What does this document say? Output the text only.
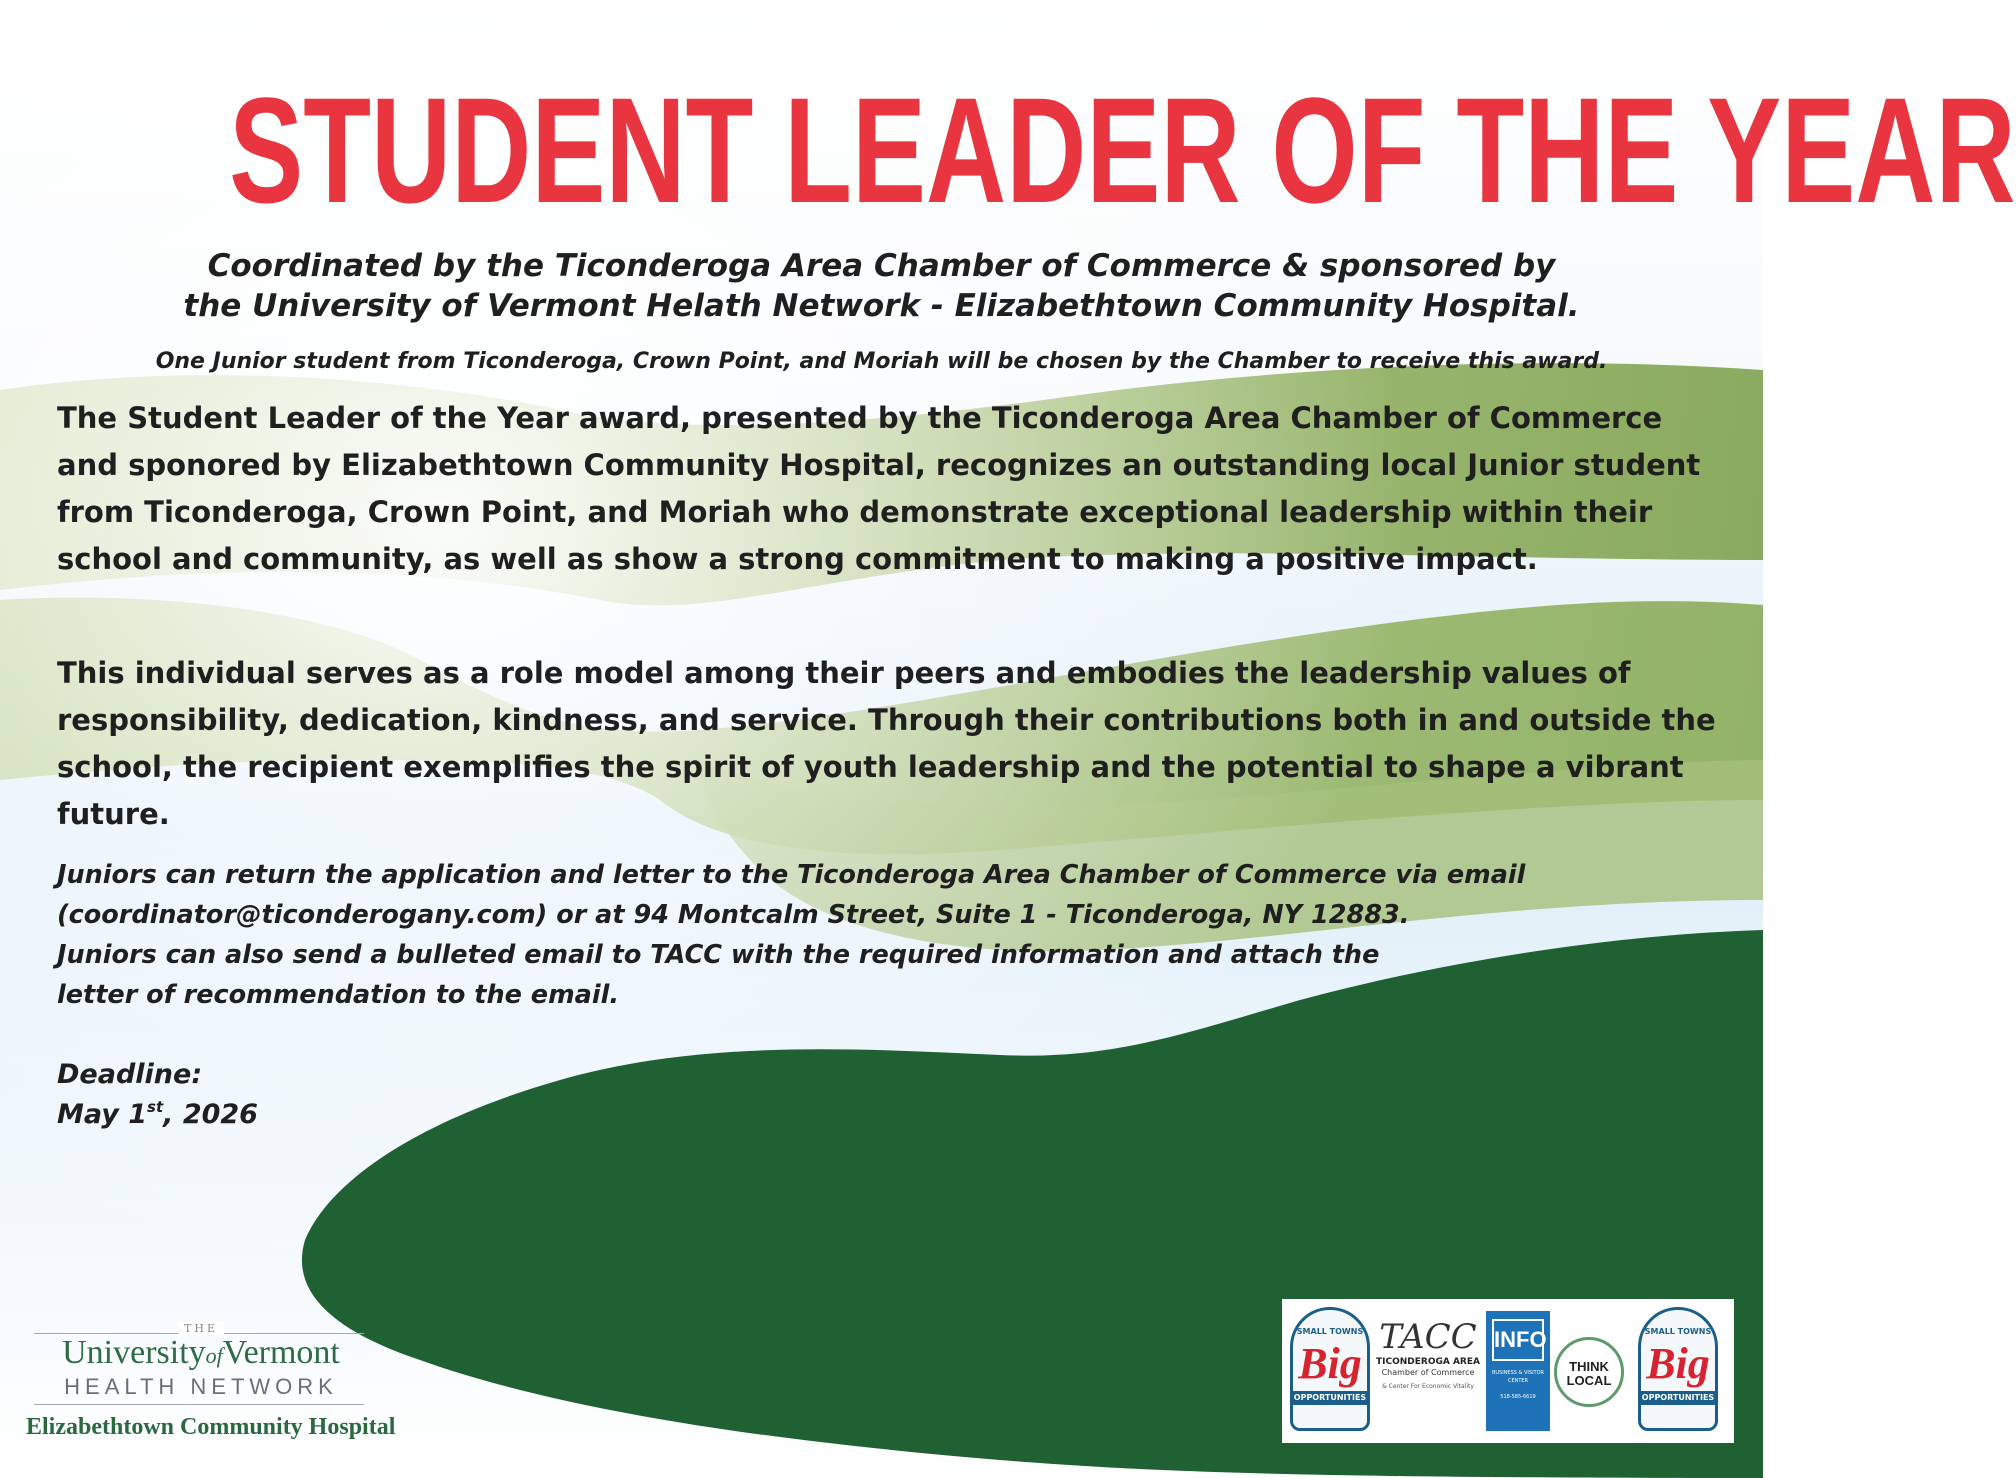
STUDENT LEADER OF THE YEAR
Coordinated by the Ticonderoga Area Chamber of Commerce & sponsored by
the University of Vermont Helath Network - Elizabethtown Community Hospital.
One Junior student from Ticonderoga, Crown Point, and Moriah will be chosen by the Chamber to receive this award.
The Student Leader of the Year award, presented by the Ticonderoga Area Chamber of Commerce and sponored by Elizabethtown Community Hospital, recognizes an outstanding local Junior student from Ticonderoga, Crown Point, and Moriah who demonstrate exceptional leadership within their school and community, as well as show a strong commitment to making a positive impact.
This individual serves as a role model among their peers and embodies the leadership values of responsibility, dedication, kindness, and service. Through their contributions both in and outside the school, the recipient exemplifies the spirit of youth leadership and the potential to shape a vibrant future.
Juniors can return the application and letter to the Ticonderoga Area Chamber of Commerce via email
(coordinator@ticonderogany.com) or at 94 Montcalm Street, Suite 1 - Ticonderoga, NY 12883.
Juniors can also send a bulleted email to TACC with the required information and attach the
letter of recommendation to the email.
Deadline:
May 1st, 2026
THE
UniversityofVermont
HEALTH NETWORK
Elizabethtown Community Hospital
SMALL TOWNS
Big
OPPORTUNITIES
TACC
TICONDEROGA AREA
Chamber of Commerce
& Center For Economic Vitality
INFO
BUSINESS & VISITOR CENTER
518-585-6619
THINK LOCAL
SMALL TOWNS
Big
OPPORTUNITIES
